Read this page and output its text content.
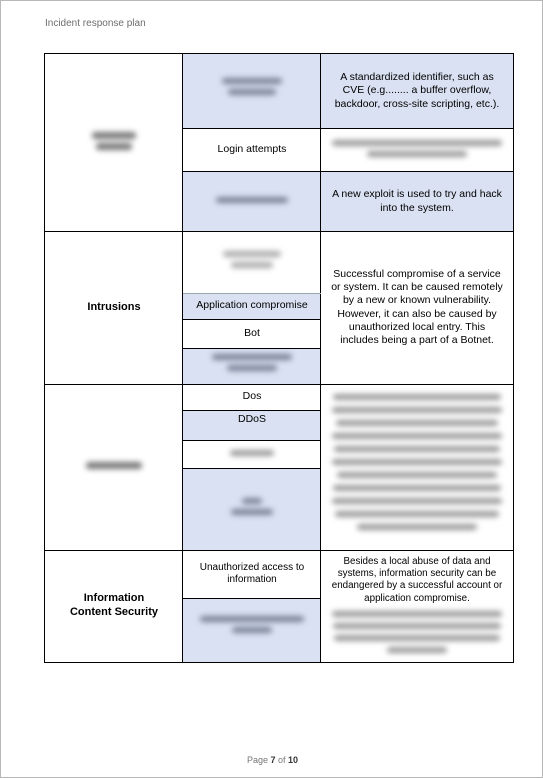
Incident response plan
A standardized identifier, such as CVE (e.g........ a buffer overflow, backdoor, cross-site scripting, etc.).
Login attempts
A new exploit is used to try and hack into the system.
Intrusions	Application compromise
Bot
Successful compromise of a service or system. It can be caused remotely by a new or known vulnerability. However, it can also be caused by unauthorized local entry. This includes being a part of a Botnet.
Dos
DDoS
Information Content Security
Unauthorized access to information
Besides a local abuse of data and systems, information security can be endangered by a successful account or application compromise.
Page 7 of 10
